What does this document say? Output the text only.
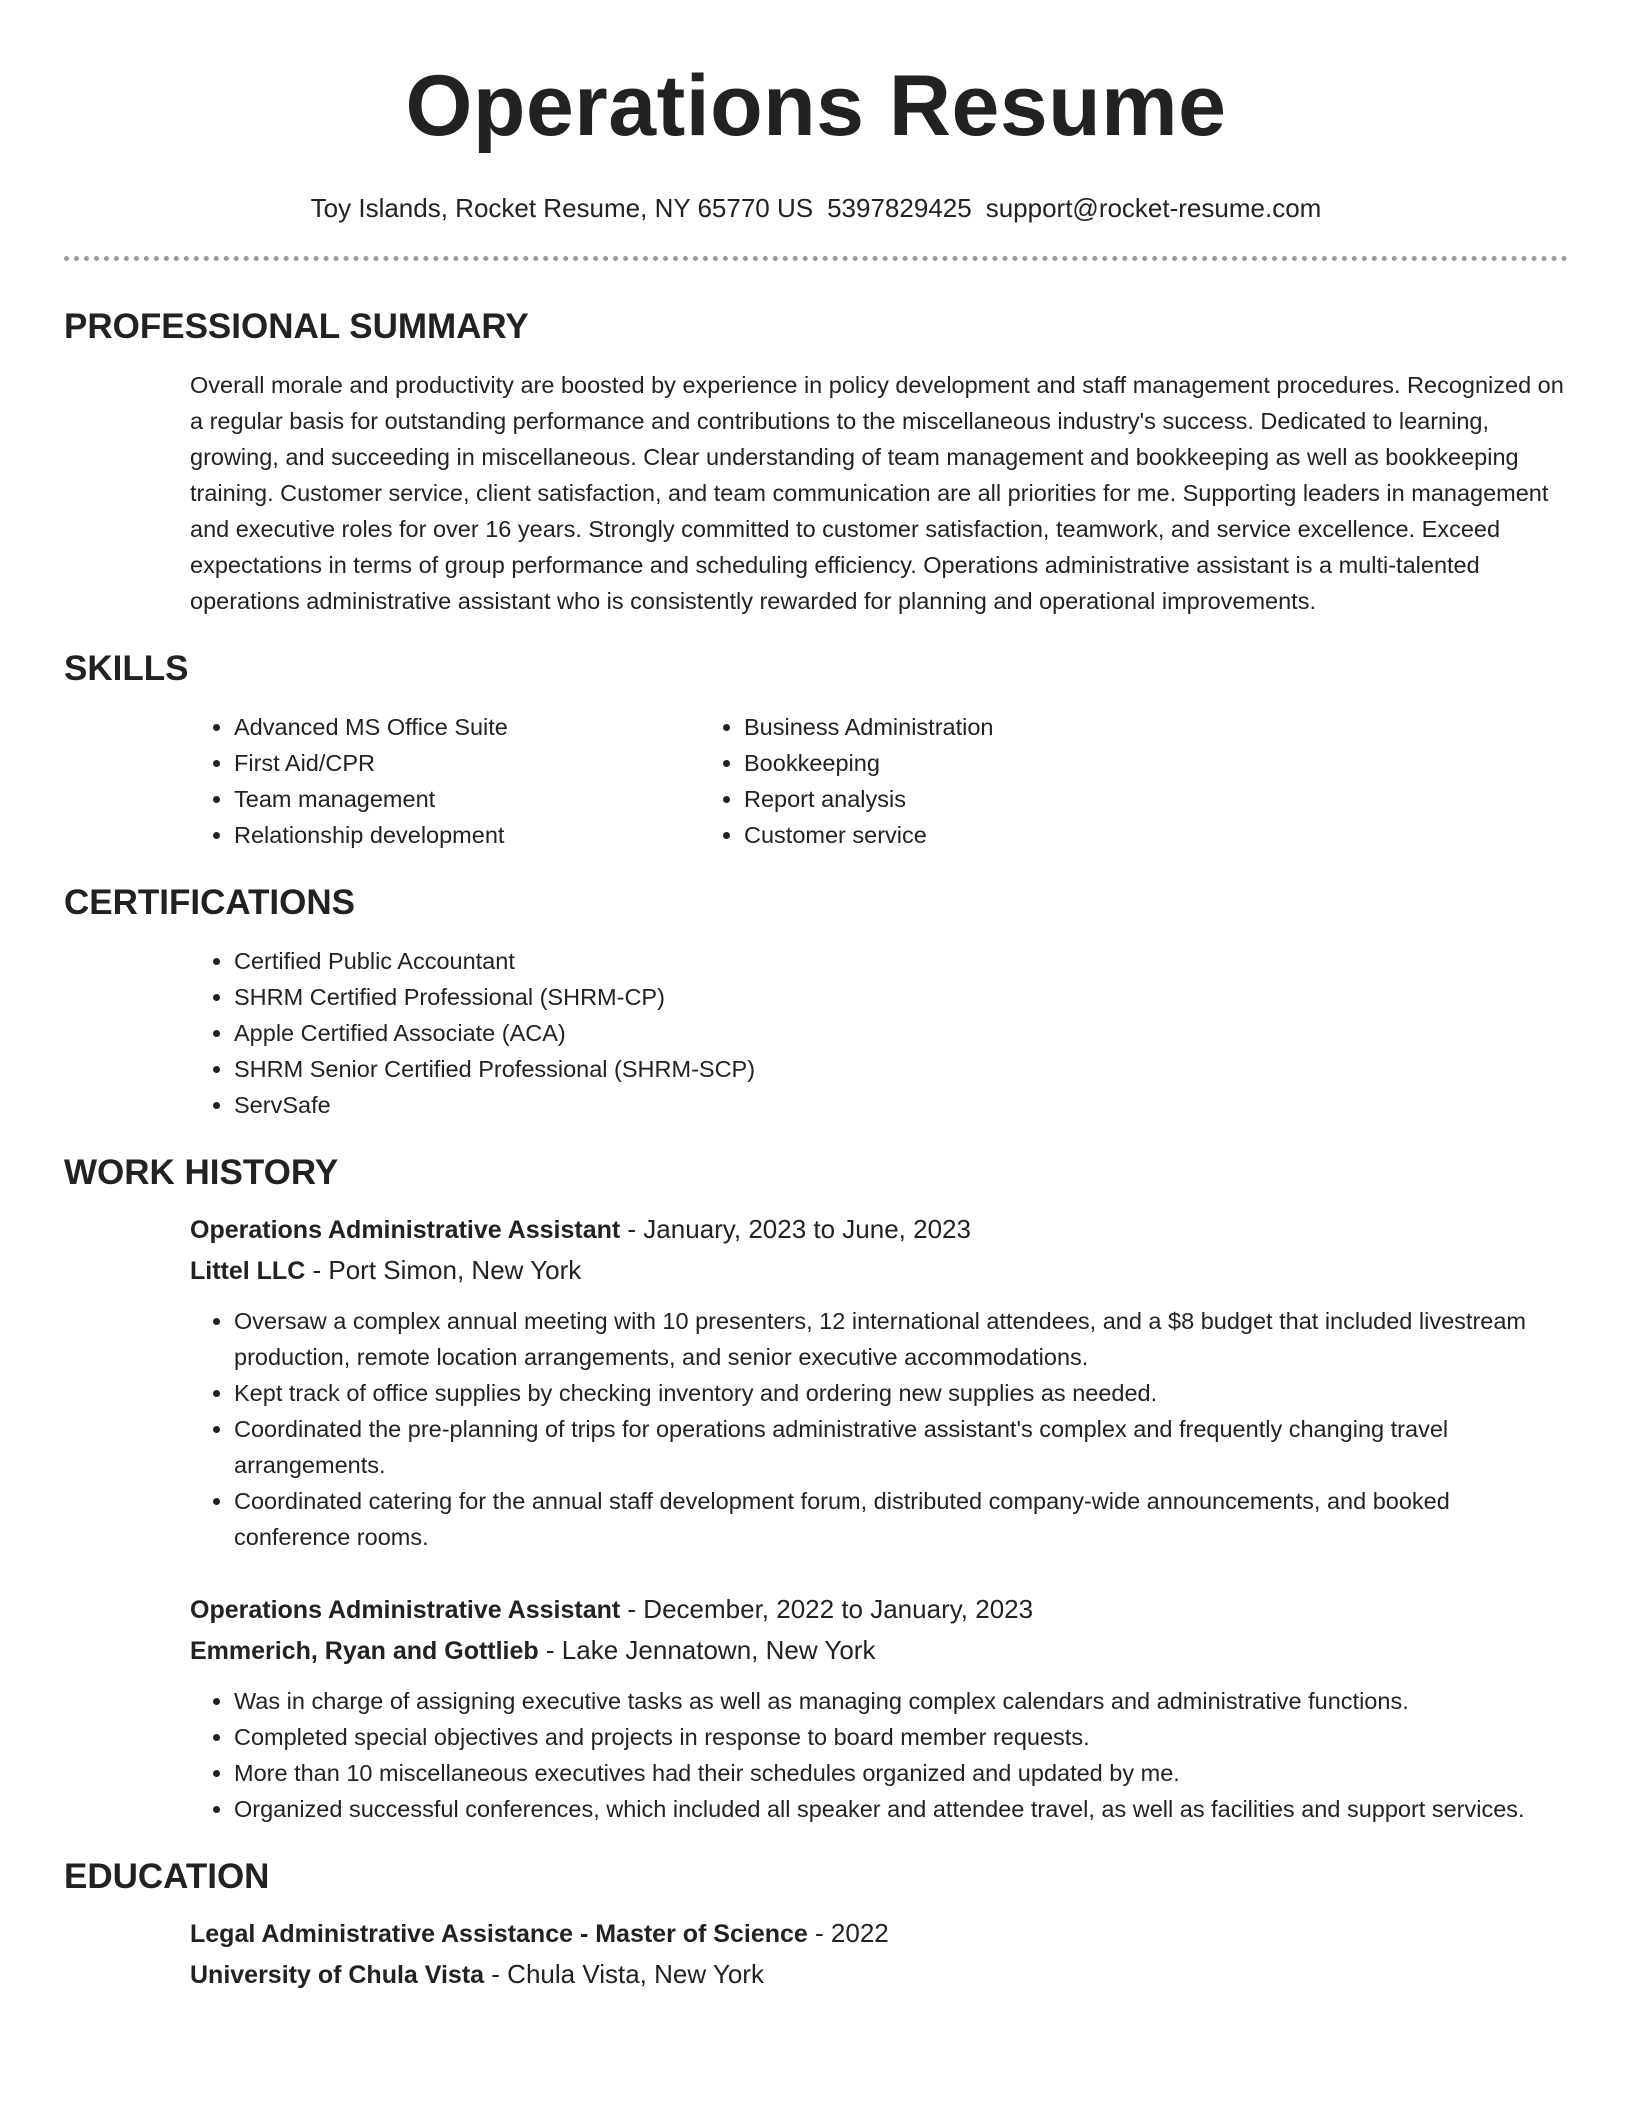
Operations Resume
Toy Islands, Rocket Resume, NY 65770 US 5397829425 support@rocket-resume.com
PROFESSIONAL SUMMARY

Overall morale and productivity are boosted by experience in policy development and staff management procedures. Recognized on a regular basis for outstanding performance and contributions to the miscellaneous industry's success. Dedicated to learning, growing, and succeeding in miscellaneous. Clear understanding of team management and bookkeeping as well as bookkeeping training. Customer service, client satisfaction, and team communication are all priorities for me. Supporting leaders in management and executive roles for over 16 years. Strongly committed to customer satisfaction, teamwork, and service excellence. Exceed expectations in terms of group performance and scheduling efficiency. Operations administrative assistant is a multi-talented operations administrative assistant who is consistently rewarded for planning and operational improvements.

SKILLS
• Advanced MS Office Suite
• First Aid/CPR
• Team management
• Relationship development
• Business Administration
• Bookkeeping
• Report analysis
• Customer service
CERTIFICATIONS
• Certified Public Accountant
• SHRM Certified Professional (SHRM-CP)
• Apple Certified Associate (ACA)
• SHRM Senior Certified Professional (SHRM-SCP)
• ServSafe
WORK HISTORY
Operations Administrative Assistant - January, 2023 to June, 2023
Littel LLC - Port Simon, New York
• Oversaw a complex annual meeting with 10 presenters, 12 international attendees, and a $8 budget that included livestream production, remote location arrangements, and senior executive accommodations.
• Kept track of office supplies by checking inventory and ordering new supplies as needed.
• Coordinated the pre-planning of trips for operations administrative assistant's complex and frequently changing travel arrangements.
• Coordinated catering for the annual staff development forum, distributed company-wide announcements, and booked conference rooms.
Operations Administrative Assistant - December, 2022 to January, 2023
Emmerich, Ryan and Gottlieb - Lake Jennatown, New York
• Was in charge of assigning executive tasks as well as managing complex calendars and administrative functions.
• Completed special objectives and projects in response to board member requests.
• More than 10 miscellaneous executives had their schedules organized and updated by me.
• Organized successful conferences, which included all speaker and attendee travel, as well as facilities and support services.
EDUCATION
Legal Administrative Assistance - Master of Science - 2022
University of Chula Vista - Chula Vista, New York
